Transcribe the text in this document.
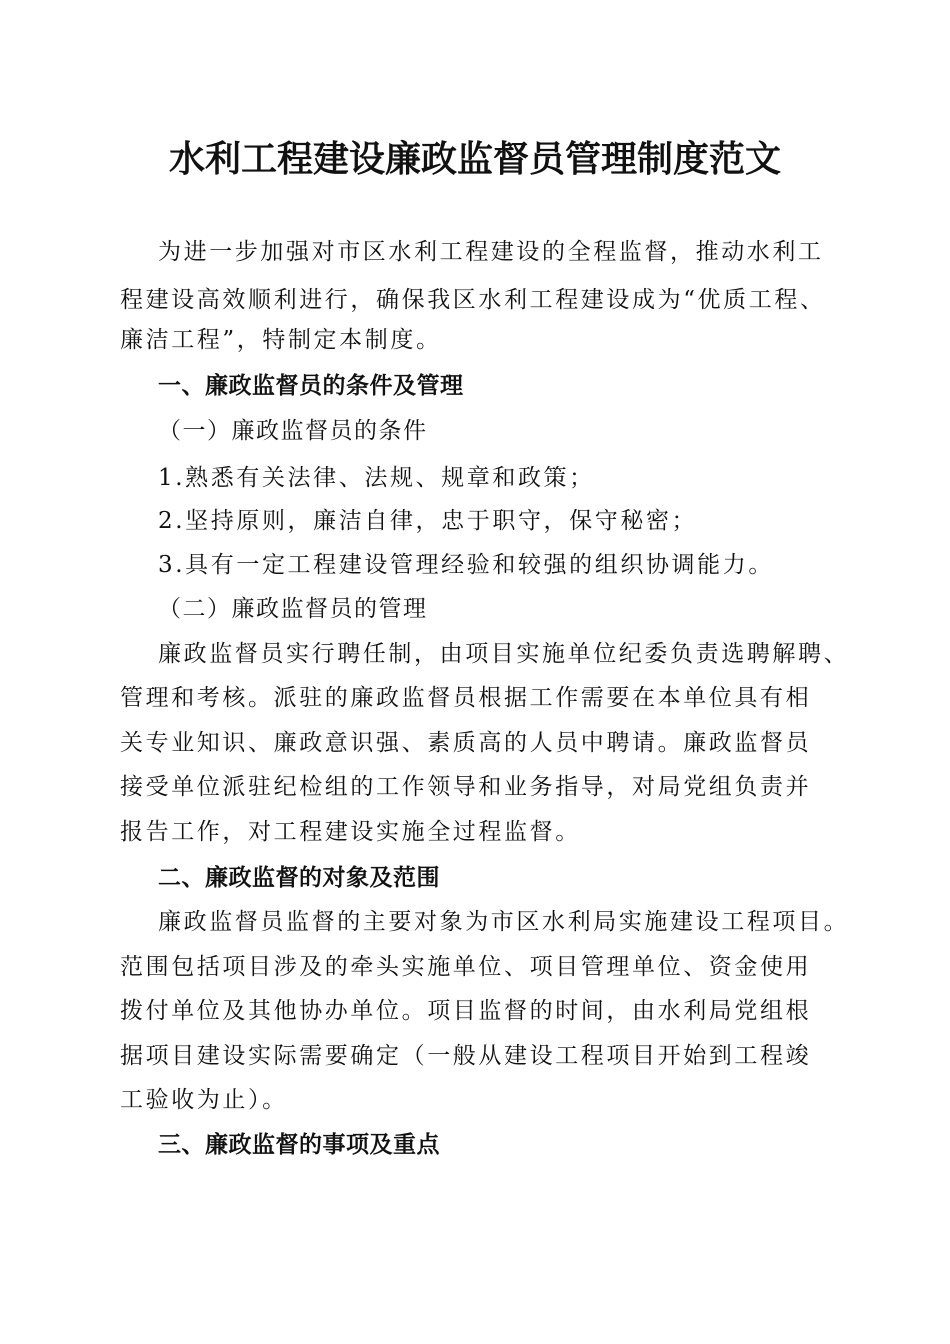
水利工程建设廉政监督员管理制度范文
为进一步加强对市区水利工程建设的全程监督，推动水利工
程建设高效顺利进行，确保我区水利工程建设成为“优质工程、
廉洁工程”，特制定本制度。
一、廉政监督员的条件及管理
（一）廉政监督员的条件
1.熟悉有关法律、法规、规章和政策；
2.坚持原则，廉洁自律，忠于职守，保守秘密；
3.具有一定工程建设管理经验和较强的组织协调能力。
（二）廉政监督员的管理
廉政监督员实行聘任制，由项目实施单位纪委负责选聘解聘、
管理和考核。派驻的廉政监督员根据工作需要在本单位具有相
关专业知识、廉政意识强、素质高的人员中聘请。廉政监督员
接受单位派驻纪检组的工作领导和业务指导，对局党组负责并
报告工作，对工程建设实施全过程监督。
二、廉政监督的对象及范围
廉政监督员监督的主要对象为市区水利局实施建设工程项目。
范围包括项目涉及的牵头实施单位、项目管理单位、资金使用
拨付单位及其他协办单位。项目监督的时间，由水利局党组根
据项目建设实际需要确定（一般从建设工程项目开始到工程竣
工验收为止）。
三、廉政监督的事项及重点
